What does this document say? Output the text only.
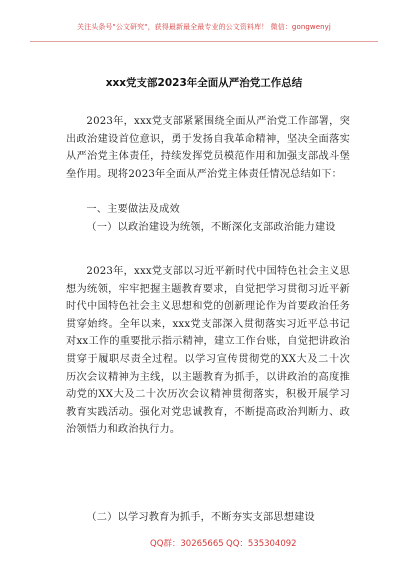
关注头条号"公文研究"，获得最新最全最专业的公文资料库！ 微信：gongwenyj
xxx党支部2023年全面从严治党工作总结

2023年，xxx党支部紧紧围绕全面从严治党工作部署，突出政治建设首位意识，勇于发扬自我革命精神，坚决全面落实从严治党主体责任，持续发挥党员模范作用和加强支部战斗堡垒作用。现将2023年全面从严治党主体责任情况总结如下：

一、主要做法及成效

（一）以政治建设为统领，不断深化支部政治能力建设

2023年，xxx党支部以习近平新时代中国特色社会主义思想为统领，牢牢把握主题教育要求，自觉把学习贯彻习近平新时代中国特色社会主义思想和党的创新理论作为首要政治任务贯穿始终。全年以来，xxx党支部深入贯彻落实习近平总书记对xx工作的重要批示指示精神，建立工作台账，自觉把讲政治贯穿于履职尽责全过程。以学习宣传贯彻党的XX大及二十次历次会议精神为主线，以主题教育为抓手，以讲政治的高度推动党的XX大及二十次历次会议精神贯彻落实，积极开展学习教育实践活动。强化对党忠诚教育，不断提高政治判断力、政治领悟力和政治执行力。

（二）以学习教育为抓手，不断夯实支部思想建设

QQ群：30265665 QQ：535304092
